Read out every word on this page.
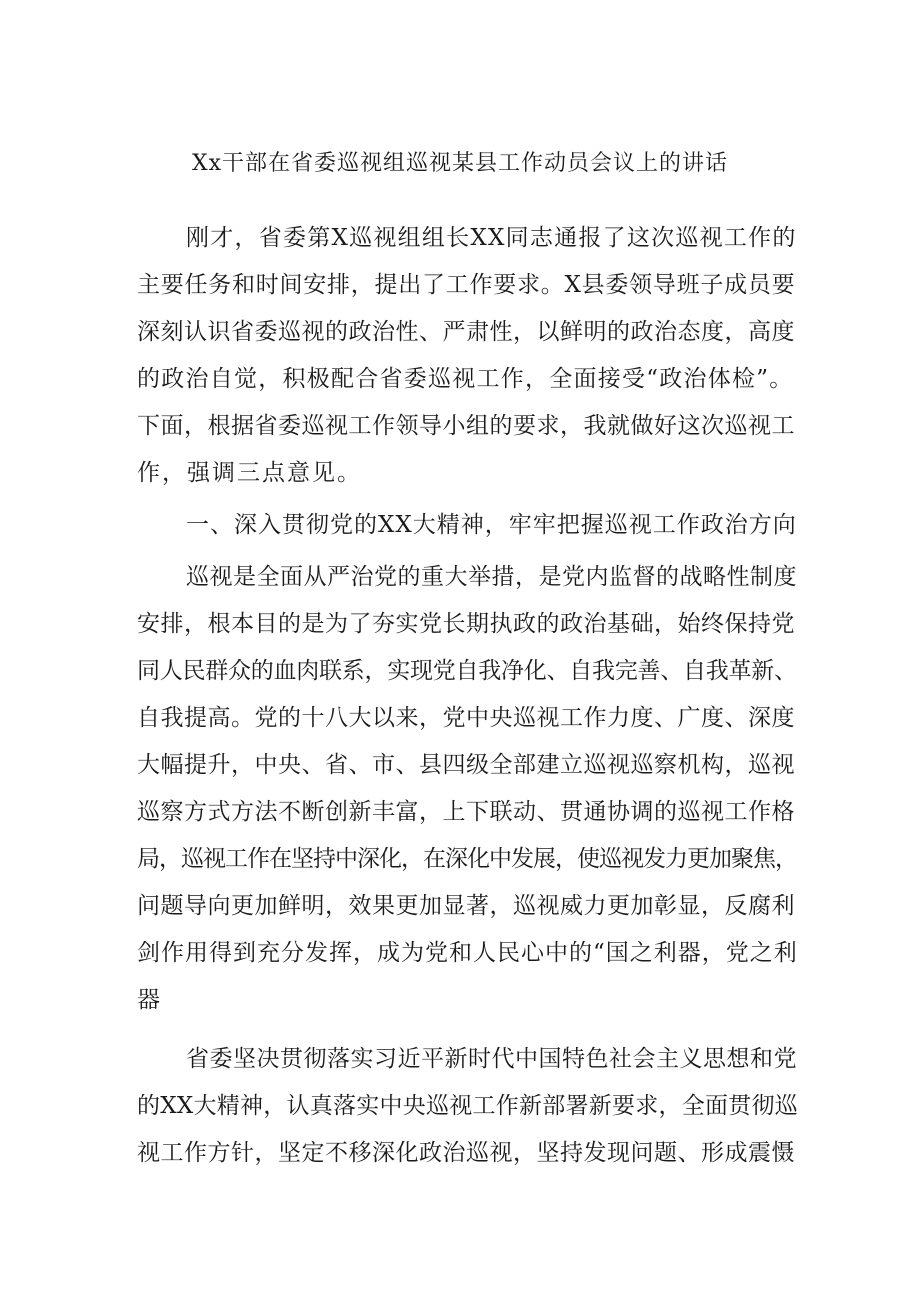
Xx干部在省委巡视组巡视某县工作动员会议上的讲话
刚才，省委第X巡视组组长XX同志通报了这次巡视工作的
主要任务和时间安排，提出了工作要求。X县委领导班子成员要
深刻认识省委巡视的政治性、严肃性，以鲜明的政治态度，高度
的政治自觉，积极配合省委巡视工作，全面接受“政治体检”。
下面，根据省委巡视工作领导小组的要求，我就做好这次巡视工
作，强调三点意见。
一、深入贯彻党的XX大精神，牢牢把握巡视工作政治方向
巡视是全面从严治党的重大举措，是党内监督的战略性制度
安排，根本目的是为了夯实党长期执政的政治基础，始终保持党
同人民群众的血肉联系，实现党自我净化、自我完善、自我革新、
自我提高。党的十八大以来，党中央巡视工作力度、广度、深度
大幅提升，中央、省、市、县四级全部建立巡视巡察机构，巡视
巡察方式方法不断创新丰富，上下联动、贯通协调的巡视工作格
局，巡视工作在坚持中深化，在深化中发展，使巡视发力更加聚焦，
问题导向更加鲜明，效果更加显著，巡视威力更加彰显，反腐利
剑作用得到充分发挥，成为党和人民心中的“国之利器，党之利
器
省委坚决贯彻落实习近平新时代中国特色社会主义思想和党
的XX大精神，认真落实中央巡视工作新部署新要求，全面贯彻巡
视工作方针，坚定不移深化政治巡视，坚持发现问题、形成震慑
